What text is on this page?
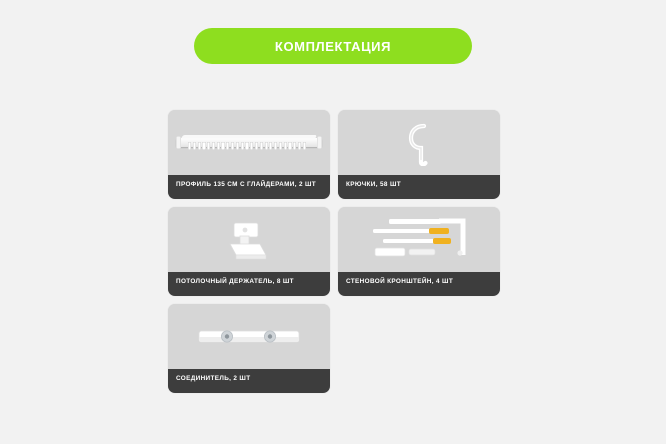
КОМПЛЕКТАЦИЯ
ПРОФИЛЬ 135 СМ С ГЛАЙДЕРАМИ, 2 ШТ	КРЮЧКИ, 58 ШТ
ПОТОЛОЧНЫЙ ДЕРЖАТЕЛЬ, 8 ШТ	СТЕНОВОЙ КРОНШТЕЙН, 4 ШТ
СОЕДИНИТЕЛЬ, 2 ШТ
